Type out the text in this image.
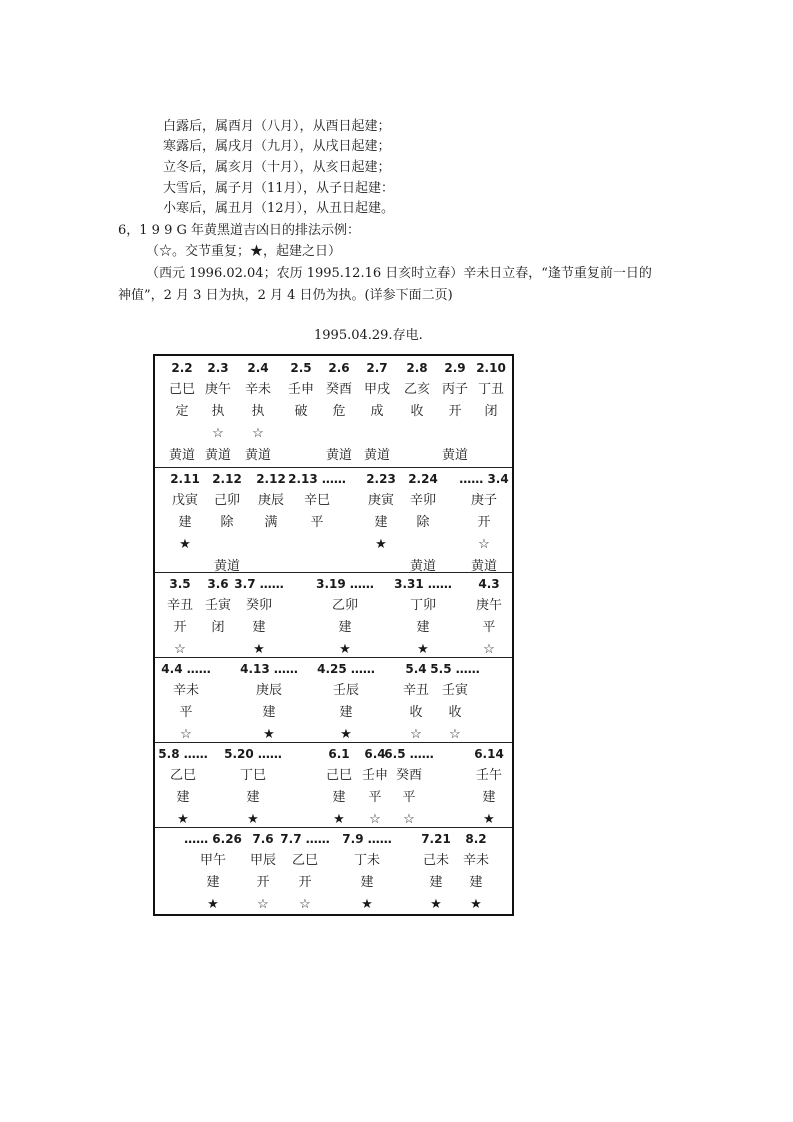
白露后，属酉月（八月），从酉日起建；
寒露后，属戌月（九月），从戌日起建；
立冬后，属亥月（十月），从亥日起建；
大雪后，属子月（11月），从子日起建：
小寒后，属丑月（12月），从丑日起建。
6，1 9 9 G 年黄黑道吉凶日的排法示例：
（☆。交节重复；★，起建之日）
（西元 1996.02.04；农历 1995.12.16 日亥时立春）辛未日立春，“逢节重复前一日的
神值”，2 月 3 日为执，2 月 4 日仍为执。(详参下面二页)
1995.04.29.存电.
2.2
己巳
定
黄道
2.3
庚午
执
☆
黄道
2.4
辛未
执
☆
黄道
2.5
壬申
破
2.6
癸酉
危
黄道
2.7
甲戌
成
黄道
2.8
乙亥
收
2.9
丙子
开
黄道
2.10
丁丑
闭
2.11
戊寅
建
★
2.12
己卯
除
黄道
2.12
庚辰
满
2.13 ……
辛巳
平
2.23
庚寅
建
★
2.24
辛卯
除
黄道
…… 3.4
庚子
开
☆
黄道
3.5
辛丑
开
☆
3.6
壬寅
闭
3.7 ……
癸卯
建
★
3.19 ……
乙卯
建
★
3.31 ……
丁卯
建
★
4.3
庚午
平
☆
4.4 ……
辛未
平
☆
4.13 ……
庚辰
建
★
4.25 ……
壬辰
建
★
5.4
辛丑
收
☆
5.5 ……
壬寅
收
☆
5.8 ……
乙巳
建
★
5.20 ……
丁巳
建
★
6.1
己巳
建
★
6.4
壬申
平
☆
6.5 ……
癸酉
平
☆
6.14
壬午
建
★
…… 6.26
甲午
建
★
7.6
甲辰
开
☆
7.7 ……
乙巳
开
☆
7.9 ……
丁未
建
★
7.21
己未
建
★
8.2
辛未
建
★
